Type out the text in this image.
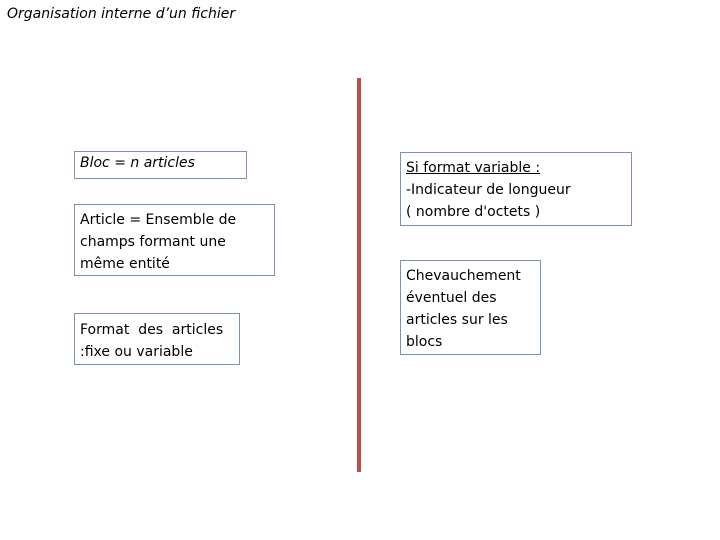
Organisation interne d’un fichier
Bloc = n articles
Article = Ensemble de
champs formant une
même entité
Format  des  articles
:fixe ou variable
Si format variable :
-Indicateur de longueur
( nombre d'octets )
Chevauchement
éventuel des
articles sur les
blocs
